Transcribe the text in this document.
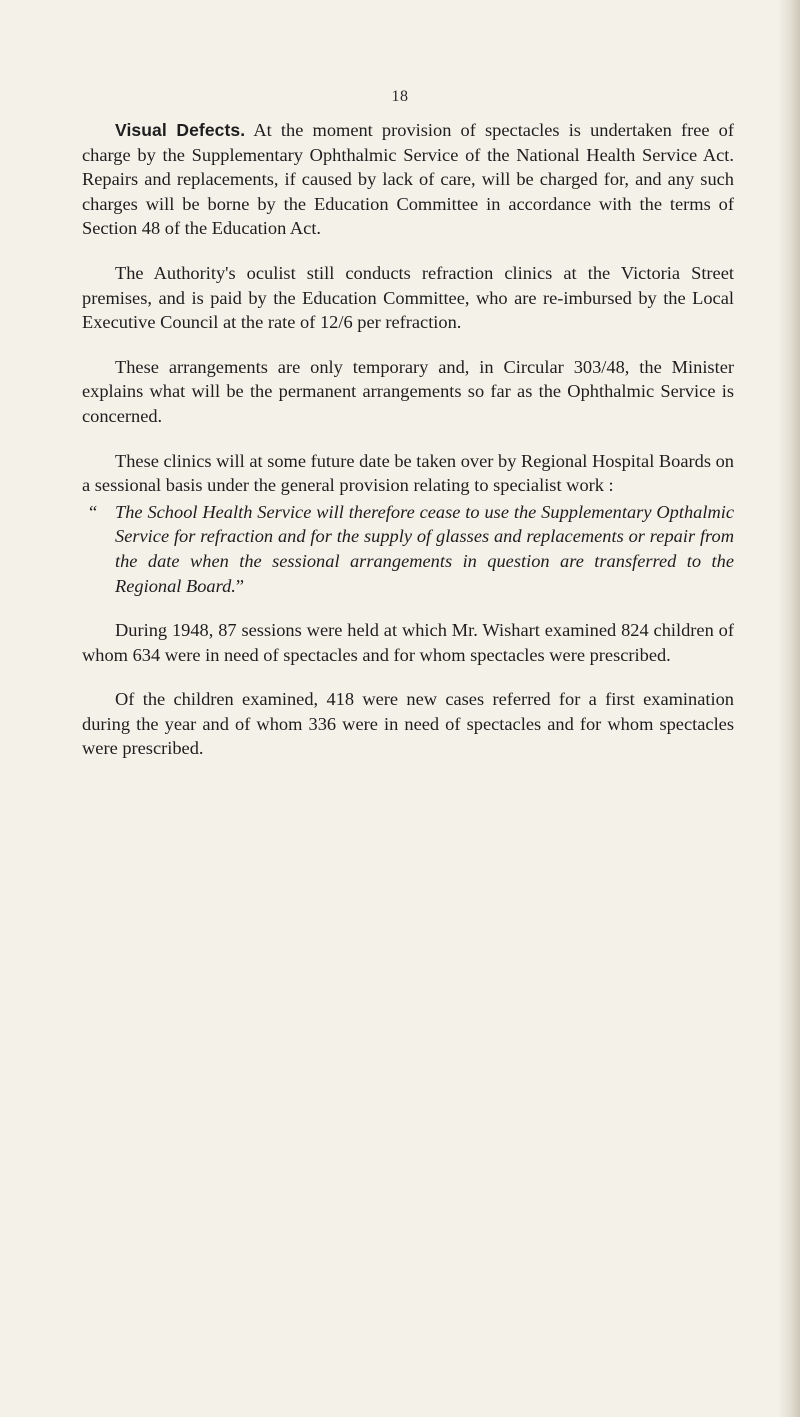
18

Visual Defects. At the moment provision of spectacles is undertaken free of charge by the Supplementary Ophthalmic Service of the National Health Service Act. Repairs and replacements, if caused by lack of care, will be charged for, and any such charges will be borne by the Education Committee in accordance with the terms of Section 48 of the Education Act.

The Authority's oculist still conducts refraction clinics at the Victoria Street premises, and is paid by the Education Committee, who are re-imbursed by the Local Executive Council at the rate of 12/6 per refraction.

These arrangements are only temporary and, in Circular 303/48, the Minister explains what will be the permanent arrangements so far as the Ophthalmic Service is concerned.

These clinics will at some future date be taken over by Regional Hospital Boards on a sessional basis under the general provision relating to specialist work :

“ The School Health Service will therefore cease to use the Supplementary Opthalmic Service for refraction and for the supply of glasses and replacements or repair from the date when the sessional arrangements in question are transferred to the Regional Board.”

During 1948, 87 sessions were held at which Mr. Wishart examined 824 children of whom 634 were in need of spectacles and for whom spectacles were prescribed.

Of the children examined, 418 were new cases referred for a first examination during the year and of whom 336 were in need of spectacles and for whom spectacles were prescribed.
